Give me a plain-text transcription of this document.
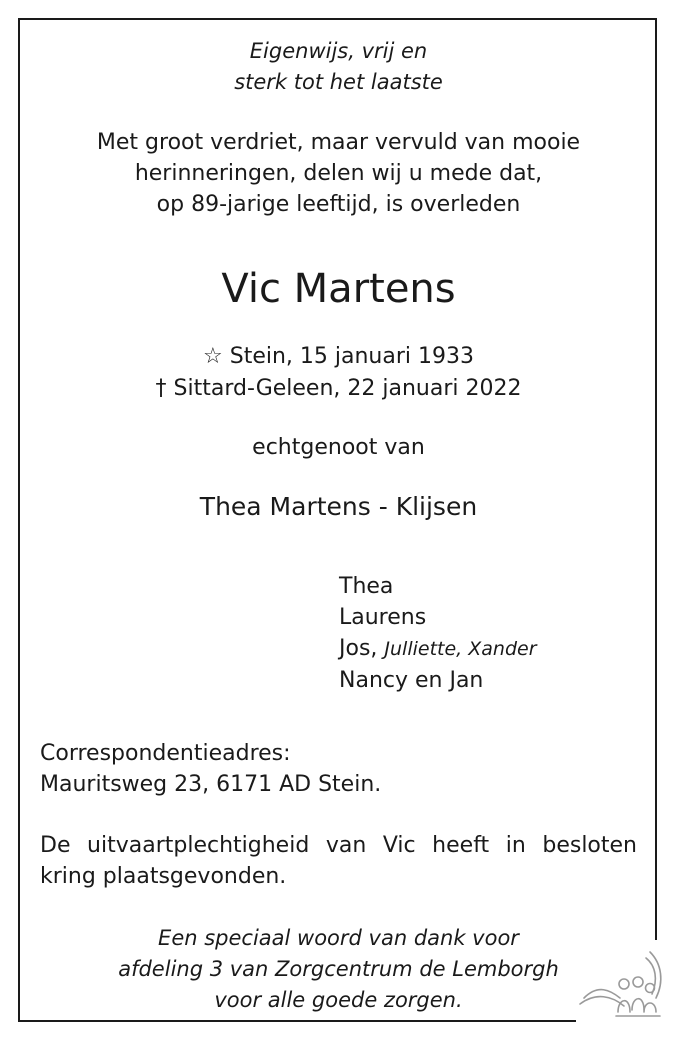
Eigenwijs, vrij en
sterk tot het laatste
Met groot verdriet, maar vervuld van mooie
herinneringen, delen wij u mede dat,
op 89-jarige leeftijd, is overleden
Vic Martens
☆ Stein, 15 januari 1933
† Sittard-Geleen, 22 januari 2022
echtgenoot van
Thea Martens - Klijsen
Thea
Laurens
Jos, Julliette, Xander
Nancy en Jan
Correspondentieadres:
Mauritsweg 23, 6171 AD Stein.
De uitvaartplechtigheid van Vic heeft in besloten kring plaatsgevonden.
Een speciaal woord van dank voor
afdeling 3 van Zorgcentrum de Lemborgh
voor alle goede zorgen.
